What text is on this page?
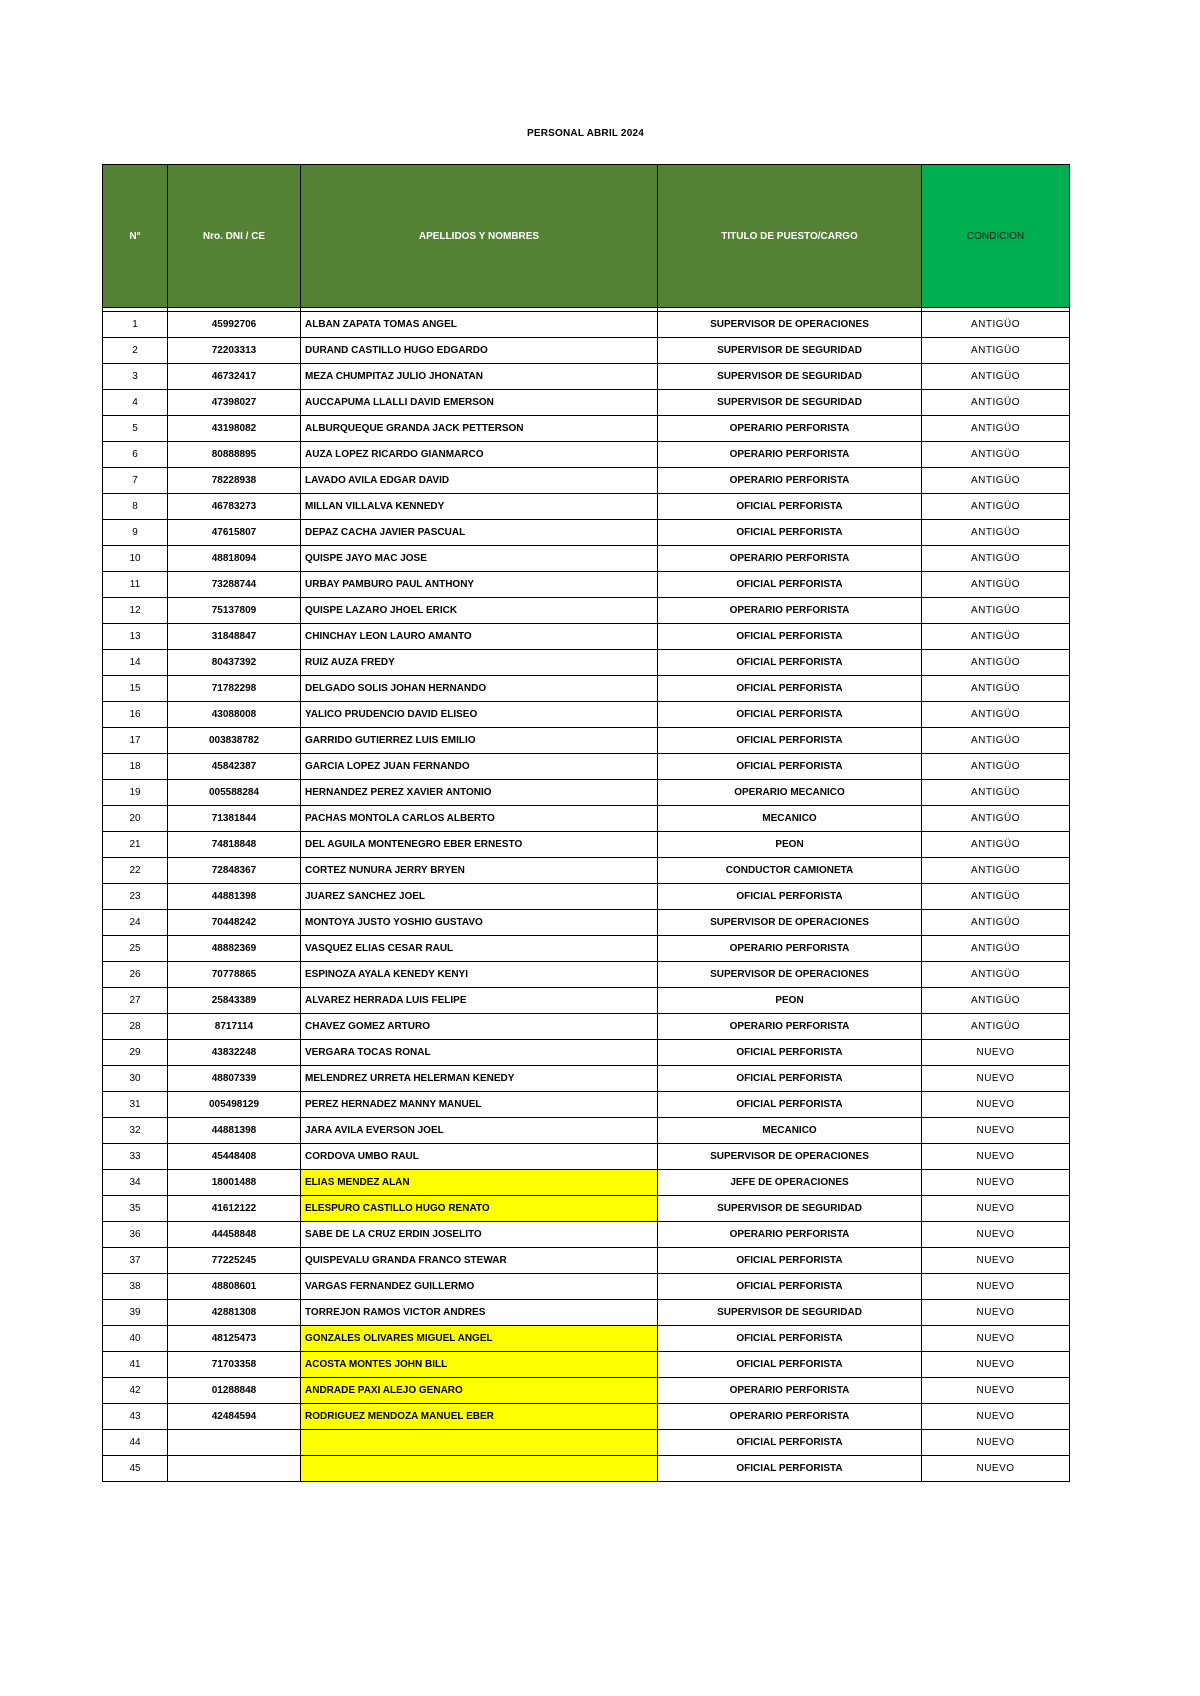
PERSONAL ABRIL 2024
N°	Nro. DNI / CE	APELLIDOS Y NOMBRES	TITULO DE PUESTO/CARGO	CONDICION

1	45992706	ALBAN ZAPATA TOMAS ANGEL	SUPERVISOR DE OPERACIONES	ANTIGÜO
2	72203313	DURAND CASTILLO HUGO EDGARDO	SUPERVISOR DE SEGURIDAD	ANTIGÜO
3	46732417	MEZA CHUMPITAZ JULIO JHONATAN	SUPERVISOR DE SEGURIDAD	ANTIGÜO
4	47398027	AUCCAPUMA LLALLI DAVID EMERSON	SUPERVISOR DE SEGURIDAD	ANTIGÜO
5	43198082	ALBURQUEQUE GRANDA JACK PETTERSON	OPERARIO PERFORISTA	ANTIGÜO
6	80888895	AUZA LOPEZ RICARDO GIANMARCO	OPERARIO PERFORISTA	ANTIGÜO
7	78228938	LAVADO AVILA EDGAR DAVID	OPERARIO PERFORISTA	ANTIGÜO
8	46783273	MILLAN VILLALVA KENNEDY	OFICIAL PERFORISTA	ANTIGÜO
9	47615807	DEPAZ CACHA JAVIER PASCUAL	OFICIAL PERFORISTA	ANTIGÜO
10	48818094	QUISPE JAYO MAC JOSE	OPERARIO PERFORISTA	ANTIGÜO
11	73288744	URBAY PAMBURO PAUL ANTHONY	OFICIAL PERFORISTA	ANTIGÜO
12	75137809	QUISPE LAZARO JHOEL ERICK	OPERARIO PERFORISTA	ANTIGÜO
13	31848847	CHINCHAY LEON LAURO AMANTO	OFICIAL PERFORISTA	ANTIGÜO
14	80437392	RUIZ AUZA FREDY	OFICIAL PERFORISTA	ANTIGÜO
15	71782298	DELGADO SOLIS JOHAN HERNANDO	OFICIAL PERFORISTA	ANTIGÜO
16	43088008	YALICO PRUDENCIO DAVID ELISEO	OFICIAL PERFORISTA	ANTIGÜO
17	003838782	GARRIDO GUTIERREZ LUIS EMILIO	OFICIAL PERFORISTA	ANTIGÜO
18	45842387	GARCIA LOPEZ JUAN FERNANDO	OFICIAL PERFORISTA	ANTIGÜO
19	005588284	HERNANDEZ PEREZ XAVIER ANTONIO	OPERARIO MECANICO	ANTIGÜO
20	71381844	PACHAS MONTOLA CARLOS ALBERTO	MECANICO	ANTIGÜO
21	74818848	DEL AGUILA MONTENEGRO EBER ERNESTO	PEON	ANTIGÜO
22	72848367	CORTEZ NUNURA JERRY BRYEN	CONDUCTOR CAMIONETA	ANTIGÜO
23	44881398	JUAREZ SANCHEZ JOEL	OFICIAL PERFORISTA	ANTIGÜO
24	70448242	MONTOYA JUSTO YOSHIO GUSTAVO	SUPERVISOR DE OPERACIONES	ANTIGÜO
25	48882369	VASQUEZ ELIAS CESAR RAUL	OPERARIO PERFORISTA	ANTIGÜO
26	70778865	ESPINOZA AYALA KENEDY KENYI	SUPERVISOR DE OPERACIONES	ANTIGÜO
27	25843389	ALVAREZ HERRADA LUIS FELIPE	PEON	ANTIGÜO
28	8717114	CHAVEZ GOMEZ ARTURO	OPERARIO PERFORISTA	ANTIGÜO
29	43832248	VERGARA TOCAS RONAL	OFICIAL PERFORISTA	NUEVO
30	48807339	MELENDREZ URRETA HELERMAN KENEDY	OFICIAL PERFORISTA	NUEVO
31	005498129	PEREZ HERNADEZ MANNY MANUEL	OFICIAL PERFORISTA	NUEVO
32	44881398	JARA AVILA EVERSON JOEL	MECANICO	NUEVO
33	45448408	CORDOVA UMBO RAUL	SUPERVISOR DE OPERACIONES	NUEVO
34	18001488	ELIAS MENDEZ ALAN	JEFE DE OPERACIONES	NUEVO
35	41612122	ELESPURO CASTILLO HUGO RENATO	SUPERVISOR DE SEGURIDAD	NUEVO
36	44458848	SABE DE LA CRUZ ERDIN JOSELITO	OPERARIO PERFORISTA	NUEVO
37	77225245	QUISPEVALU GRANDA FRANCO STEWAR	OFICIAL PERFORISTA	NUEVO
38	48808601	VARGAS FERNANDEZ GUILLERMO	OFICIAL PERFORISTA	NUEVO
39	42881308	TORREJON RAMOS VICTOR ANDRES	SUPERVISOR DE SEGURIDAD	NUEVO
40	48125473	GONZALES OLIVARES MIGUEL ANGEL	OFICIAL PERFORISTA	NUEVO
41	71703358	ACOSTA MONTES JOHN BILL	OFICIAL PERFORISTA	NUEVO
42	01288848	ANDRADE PAXI ALEJO GENARO	OPERARIO PERFORISTA	NUEVO
43	42484594	RODRIGUEZ MENDOZA MANUEL EBER	OPERARIO PERFORISTA	NUEVO
44			OFICIAL PERFORISTA	NUEVO
45			OFICIAL PERFORISTA	NUEVO
